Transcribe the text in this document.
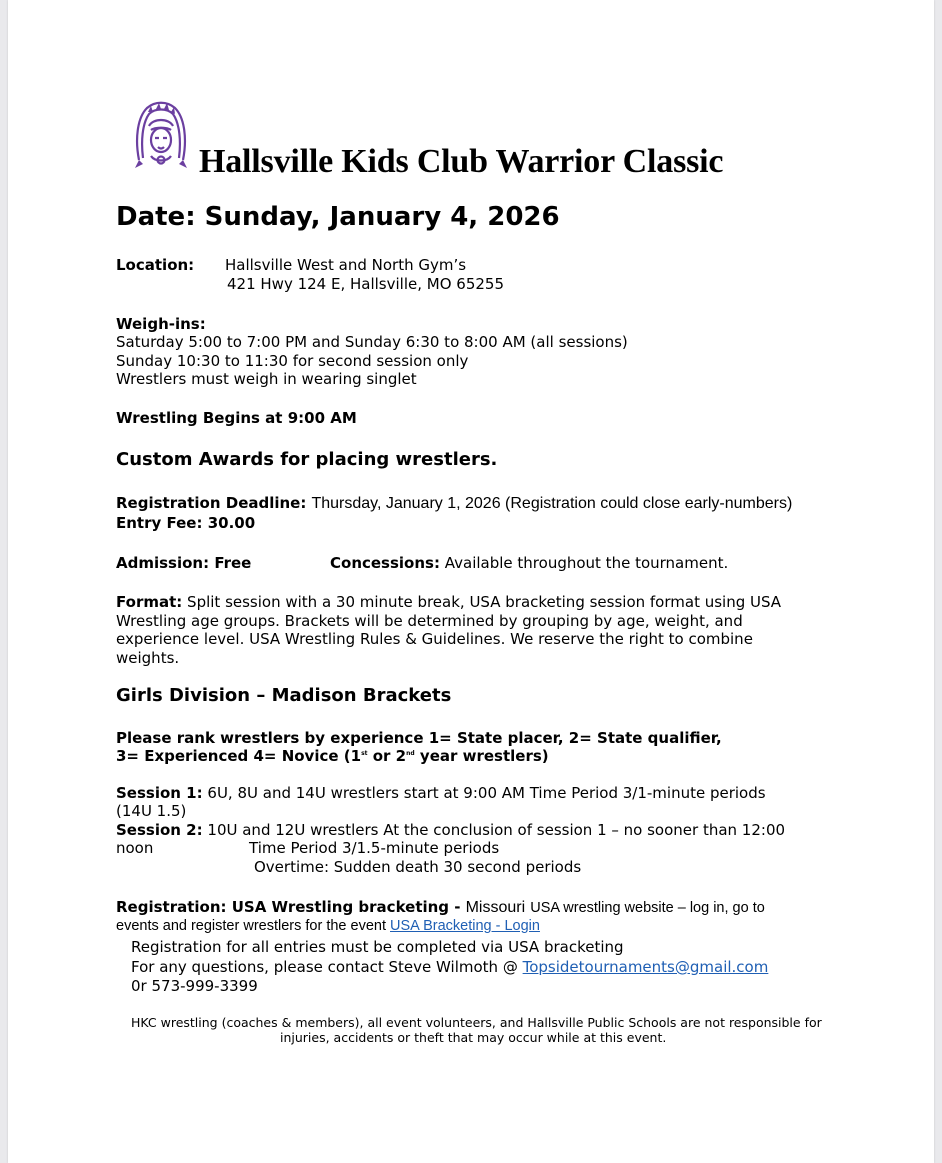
Hallsville Kids Club Warrior Classic
Date: Sunday, January 4, 2026
Location: Hallsville West and North Gym’s
421 Hwy 124 E, Hallsville, MO 65255
Weigh-ins:
Saturday 5:00 to 7:00 PM and Sunday 6:30 to 8:00 AM (all sessions)
Sunday 10:30 to 11:30 for second session only
Wrestlers must weigh in wearing singlet
Wrestling Begins at 9:00 AM
Custom Awards for placing wrestlers.
Registration Deadline: Thursday, January 1, 2026 (Registration could close early-numbers)
Entry Fee: 30.00
Admission: Free	Concessions: Available throughout the tournament.
Format: Split session with a 30 minute break, USA bracketing session format using USA
Wrestling age groups. Brackets will be determined by grouping by age, weight, and
experience level. USA Wrestling Rules & Guidelines. We reserve the right to combine
weights.
Girls Division – Madison Brackets
Please rank wrestlers by experience 1= State placer, 2= State qualifier,
3= Experienced 4= Novice (1st or 2nd year wrestlers)
Session 1: 6U, 8U and 14U wrestlers start at 9:00 AM Time Period 3/1-minute periods
(14U 1.5)
Session 2: 10U and 12U wrestlers At the conclusion of session 1 – no sooner than 12:00
noon	Time Period 3/1.5-minute periods
Overtime: Sudden death 30 second periods
Registration: USA Wrestling bracketing - Missouri USA wrestling website – log in, go to
events and register wrestlers for the event USA Bracketing - Login
Registration for all entries must be completed via USA bracketing
For any questions, please contact Steve Wilmoth @ Topsidetournaments@gmail.com
0r 573-999-3399
HKC wrestling (coaches & members), all event volunteers, and Hallsville Public Schools are not responsible for
injuries, accidents or theft that may occur while at this event.
